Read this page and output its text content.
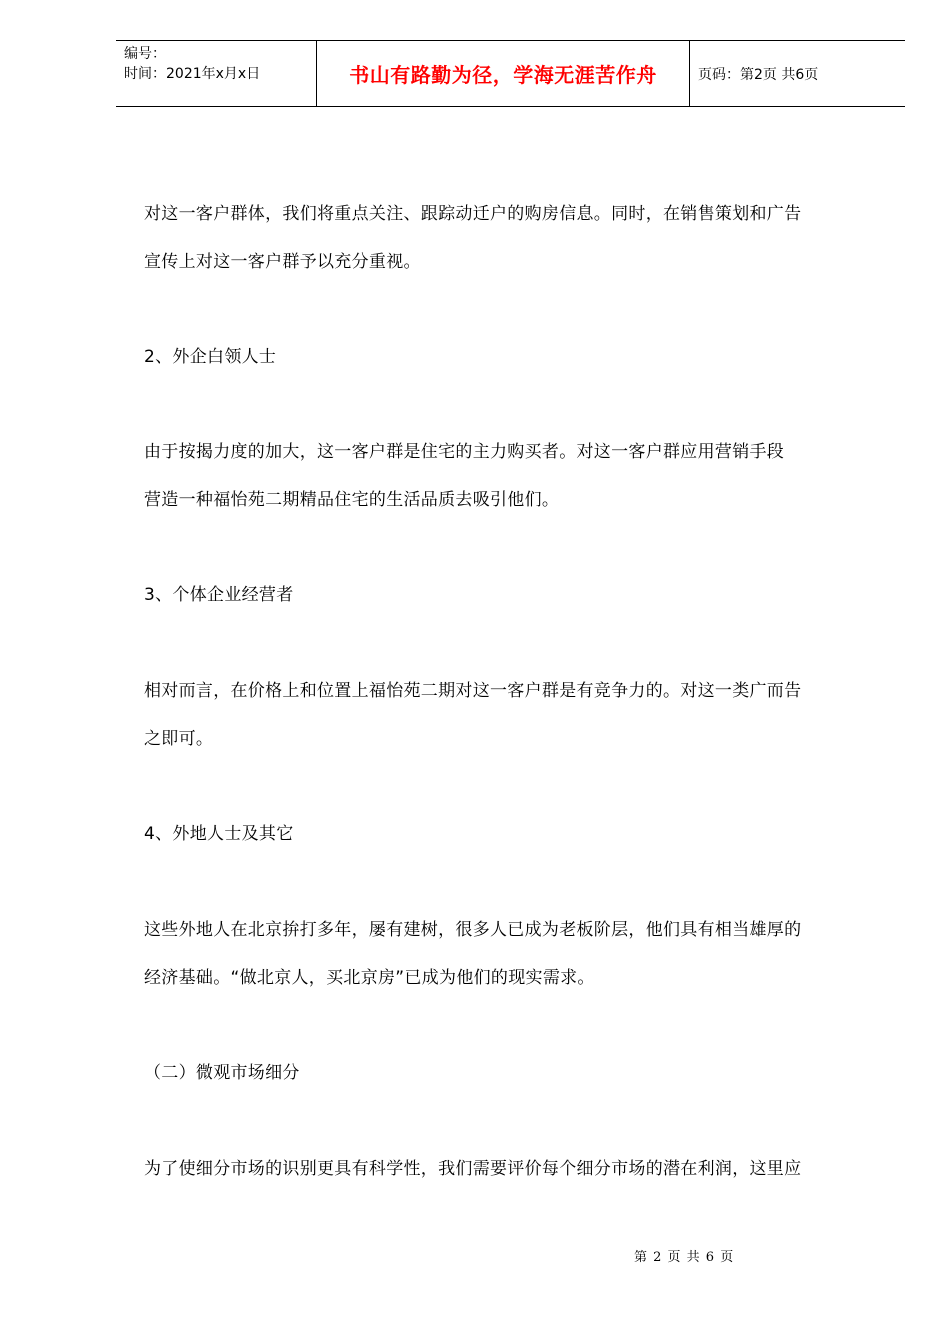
编号：
时间：2021年x月x日	书山有路勤为径，学海无涯苦作舟	页码：第2页 共6页
对这一客户群体，我们将重点关注、跟踪动迁户的购房信息。同时，在销售策划和广告
宣传上对这一客户群予以充分重视。
2、外企白领人士
由于按揭力度的加大，这一客户群是住宅的主力购买者。对这一客户群应用营销手段
营造一种福怡苑二期精品住宅的生活品质去吸引他们。
3、个体企业经营者
相对而言，在价格上和位置上福怡苑二期对这一客户群是有竞争力的。对这一类广而告
之即可。
4、外地人士及其它
这些外地人在北京拚打多年，屡有建树，很多人已成为老板阶层，他们具有相当雄厚的
经济基础。“做北京人，买北京房”已成为他们的现实需求。
（二）微观市场细分
为了使细分市场的识别更具有科学性，我们需要评价每个细分市场的潜在利润，这里应
第 2 页 共 6 页
